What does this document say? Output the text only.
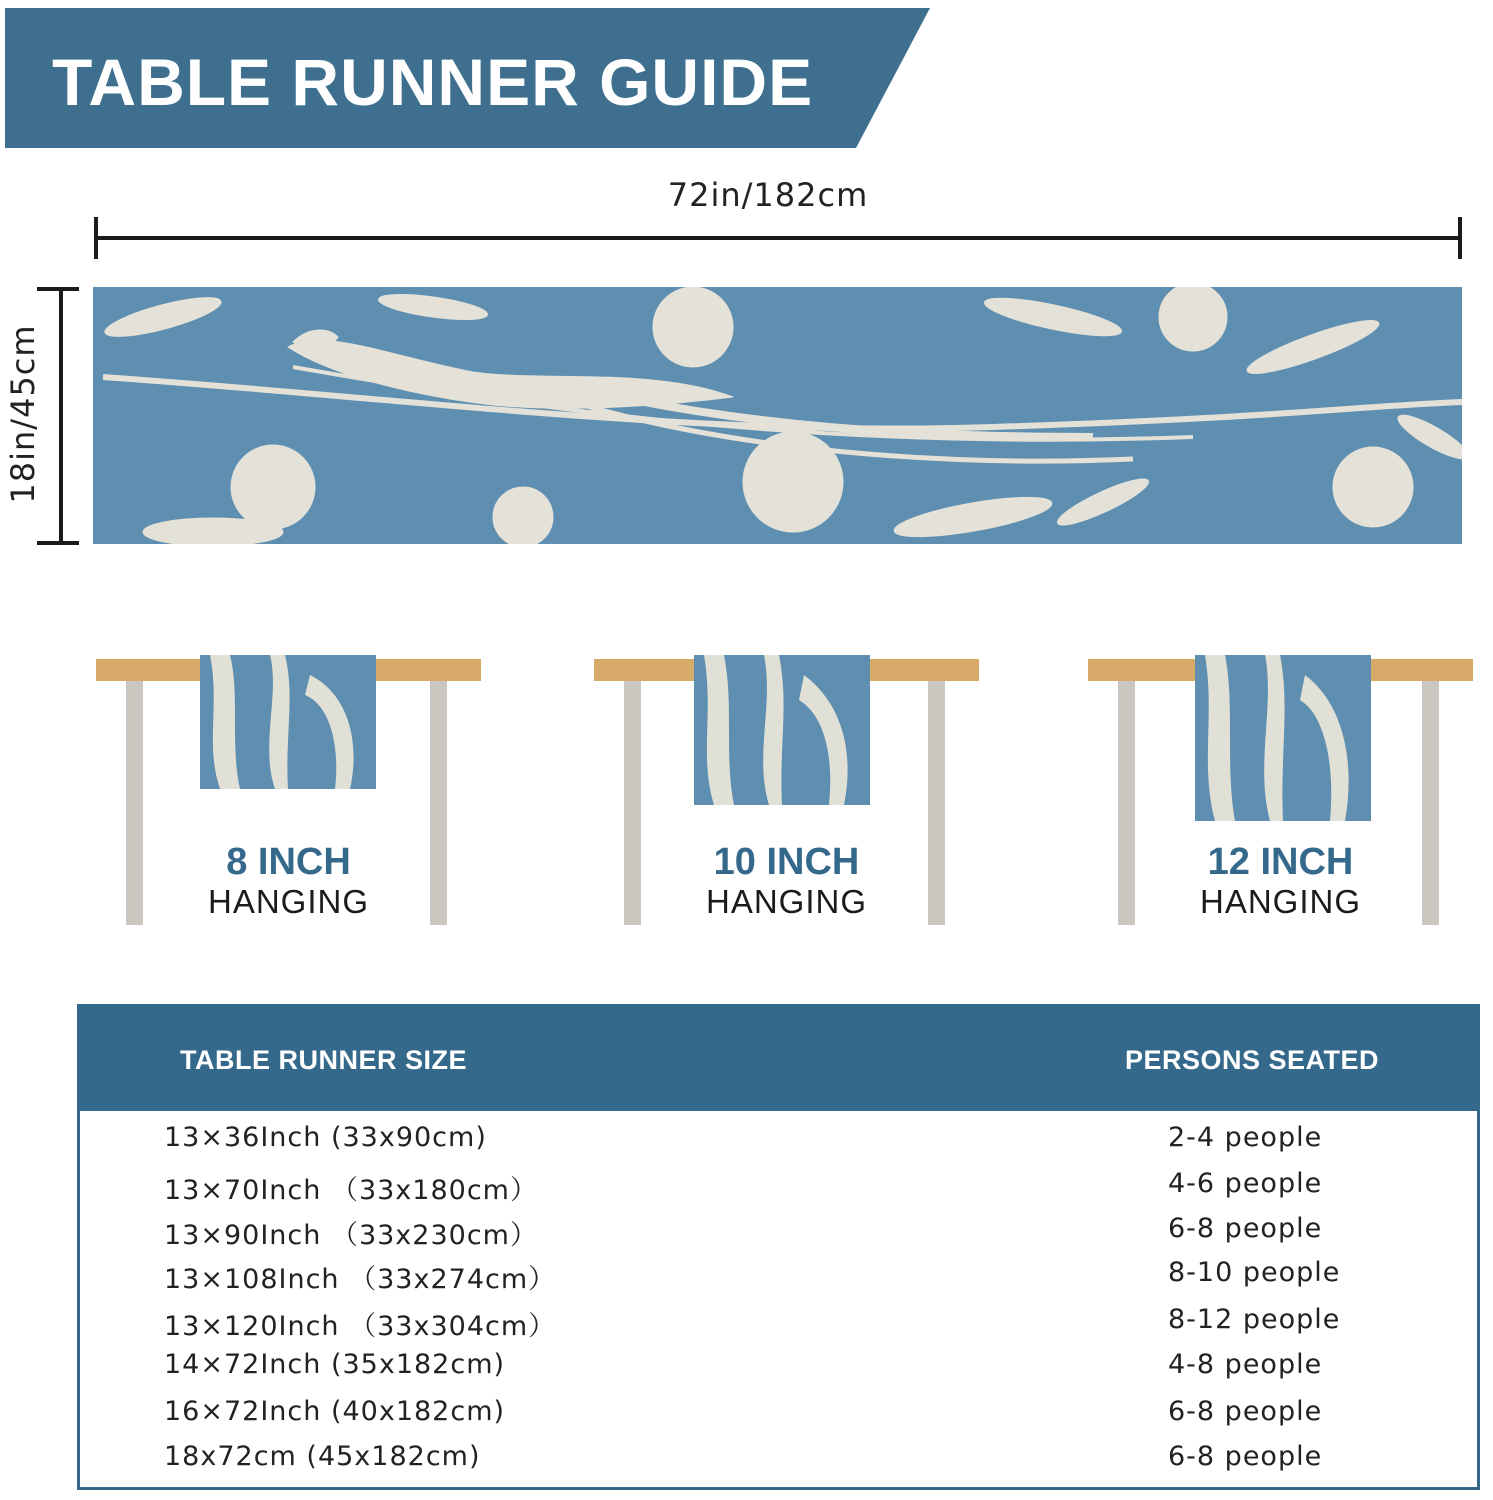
TABLE RUNNER GUIDE
72in/182cm
18in/45cm
8 INCH
HANGING
10 INCH
HANGING
12 INCH
HANGING
TABLE RUNNER SIZE	PERSONS SEATED
13×36Inch (33x90cm)	2-4 people
13×70Inch （33x180cm）	4-6 people
13×90Inch （33x230cm）	6-8 people
13×108Inch （33x274cm）	8-10 people
13×120Inch （33x304cm）	8-12 people
14×72Inch (35x182cm)	4-8 people
16×72Inch (40x182cm)	6-8 people
18x72cm (45x182cm)	6-8 people
